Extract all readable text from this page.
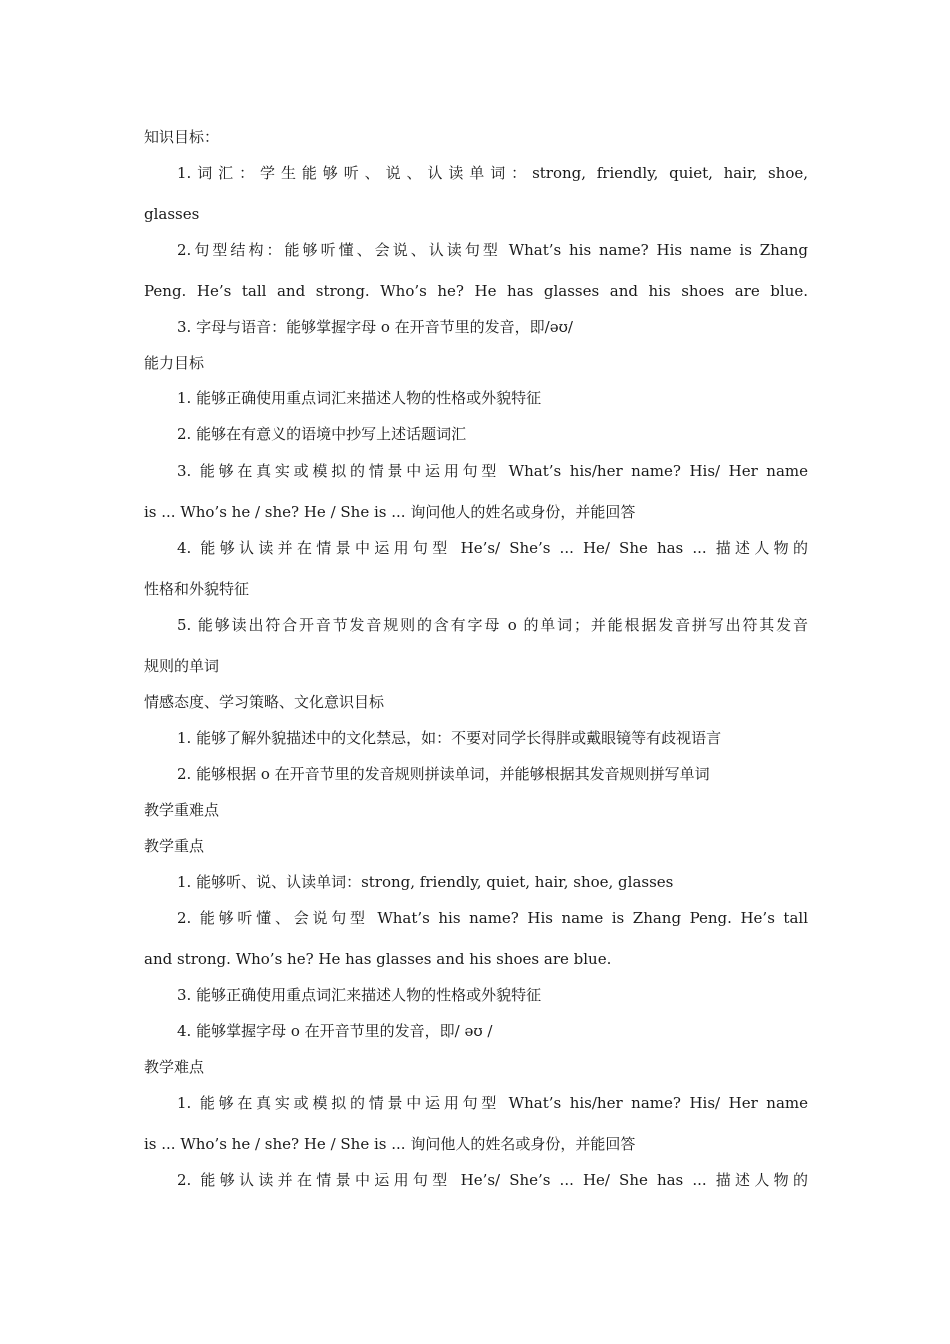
知识目标：
1.词汇：学生能够听、说、认读单词：strong, friendly, quiet, hair, shoe,
glasses
2.句型结构：能够听懂、会说、认读句型 What’s his name? His name is Zhang
Peng. He’s tall and strong. Who’s he? He has glasses and his shoes are blue.
3. 字母与语音：能够掌握字母 o 在开音节里的发音，即/əʊ/
能力目标
1. 能够正确使用重点词汇来描述人物的性格或外貌特征
2. 能够在有意义的语境中抄写上述话题词汇
3. 能够在真实或模拟的情景中运用句型 What’s his/her name? His/ Her name
is ... Who’s he / she? He / She is ... 询问他人的姓名或身份，并能回答
4. 能够认读并在情景中运用句型 He’s/ She’s ... He/ She has ... 描述人物的
性格和外貌特征
5. 能够读出符合开音节发音规则的含有字母 o 的单词；并能根据发音拼写出符其发音
规则的单词
情感态度、学习策略、文化意识目标
1. 能够了解外貌描述中的文化禁忌，如：不要对同学长得胖或戴眼镜等有歧视语言
2. 能够根据 o 在开音节里的发音规则拼读单词，并能够根据其发音规则拼写单词
教学重难点
教学重点
1. 能够听、说、认读单词：strong, friendly, quiet, hair, shoe, glasses
2. 能够听懂、会说句型 What’s his name? His name is Zhang Peng. He’s tall
and strong. Who’s he? He has glasses and his shoes are blue.
3. 能够正确使用重点词汇来描述人物的性格或外貌特征
4. 能够掌握字母 o 在开音节里的发音，即/ əʊ /
教学难点
1. 能够在真实或模拟的情景中运用句型 What’s his/her name? His/ Her name
is ... Who’s he / she? He / She is ... 询问他人的姓名或身份，并能回答
2. 能够认读并在情景中运用句型 He’s/ She’s ... He/ She has ... 描述人物的
